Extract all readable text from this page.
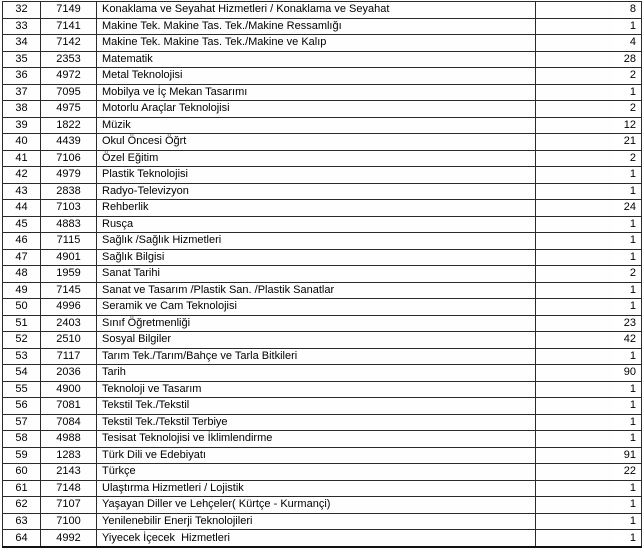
32	7149	Konaklama ve Seyahat Hizmetleri / Konaklama ve Seyahat	8
33	7141	Makine Tek. Makine Tas. Tek./Makine Ressamlığı	1
34	7142	Makine Tek. Makine Tas. Tek./Makine ve Kalıp	4
35	2353	Matematik	28
36	4972	Metal Teknolojisi	2
37	7095	Mobilya ve İç Mekan Tasarımı	1
38	4975	Motorlu Araçlar Teknolojisi	2
39	1822	Müzik	12
40	4439	Okul Öncesi Öğrt	21
41	7106	Özel Eğitim	2
42	4979	Plastik Teknolojisi	1
43	2838	Radyo-Televizyon	1
44	7103	Rehberlik	24
45	4883	Rusça	1
46	7115	Sağlık /Sağlık Hizmetleri	1
47	4901	Sağlık Bilgisi	1
48	1959	Sanat Tarihi	2
49	7145	Sanat ve Tasarım /Plastik San. /Plastik Sanatlar	1
50	4996	Seramik ve Cam Teknolojisi	1
51	2403	Sınıf Öğretmenliği	23
52	2510	Sosyal Bilgiler	42
53	7117	Tarım Tek./Tarım/Bahçe ve Tarla Bitkileri	1
54	2036	Tarih	90
55	4900	Teknoloji ve Tasarım	1
56	7081	Tekstil Tek./Tekstil	1
57	7084	Tekstil Tek./Tekstil Terbiye	1
58	4988	Tesisat Teknolojisi ve İklimlendirme	1
59	1283	Türk Dili ve Edebiyatı	91
60	2143	Türkçe	22
61	7148	Ulaştırma Hizmetleri / Lojistik	1
62	7107	Yaşayan Diller ve Lehçeler( Kürtçe - Kurmançi)	1
63	7100	Yenilenebilir Enerji Teknolojileri	1
64	4992	Yiyecek İçecek  Hizmetleri	1
